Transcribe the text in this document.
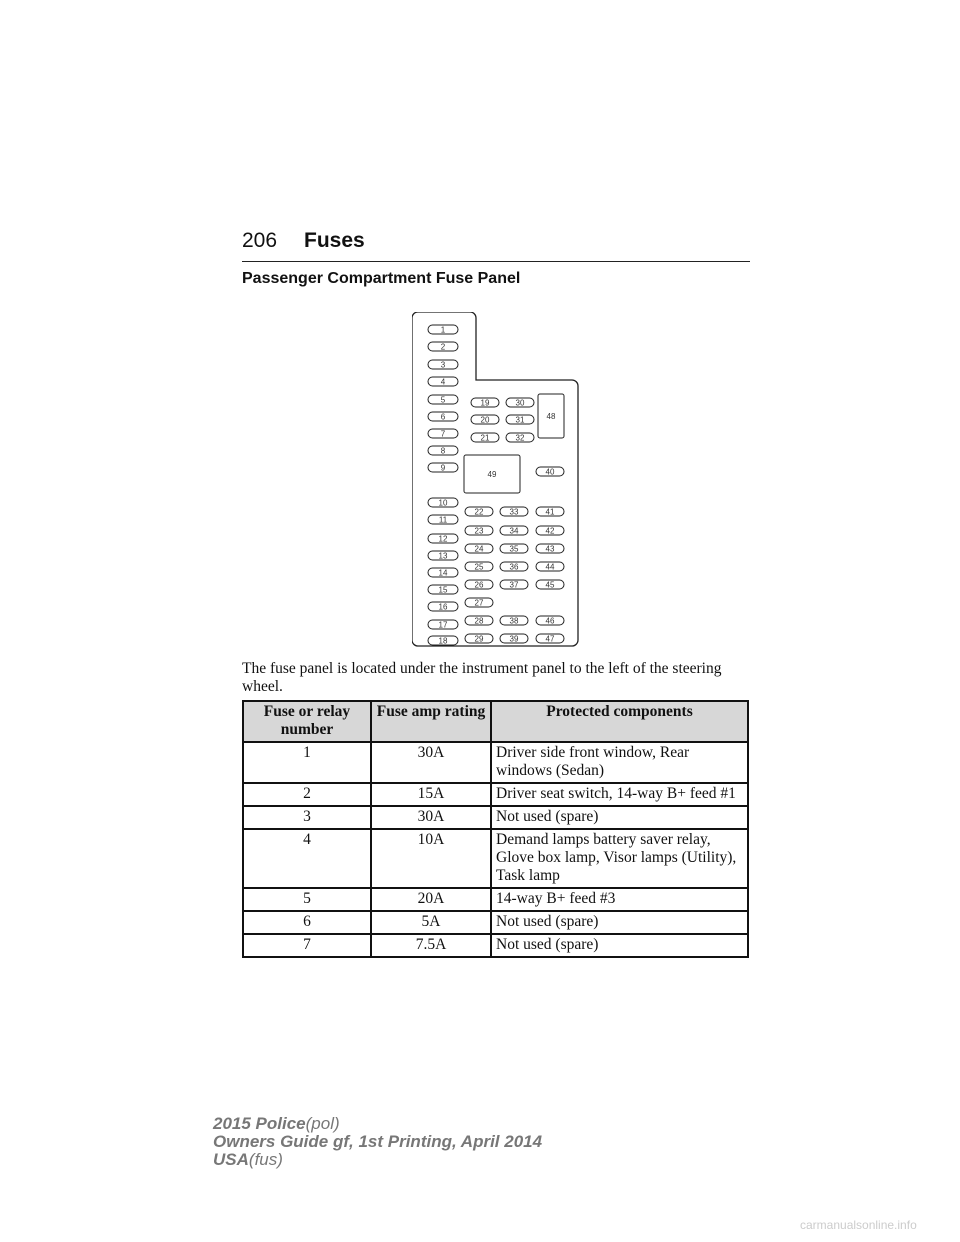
206 Fuses
Passenger Compartment Fuse Panel
1
2
3
4
5
6
7
8
9
10
11
12
13
14
15
16
17
18
19
20
21
22
23
24
25
26
27
28
29
30
31
32
33
34
35
36
37
38
39
40
41
42
43
44
45
46
47
48
49
The fuse panel is located under the instrument panel to the left of the steering wheel.
Fuse or relay number	Fuse amp rating	Protected components
1	30A	Driver side front window, Rear windows (Sedan)
2	15A	Driver seat switch, 14-way B+ feed #1
3	30A	Not used (spare)
4	10A	Demand lamps battery saver relay, Glove box lamp, Visor lamps (Utility), Task lamp
5	20A	14-way B+ feed #3
6	5A	Not used (spare)
7	7.5A	Not used (spare)
2015 Police(pol)
Owners Guide gf, 1st Printing, April 2014
USA(fus)
carmanualsonline.info
